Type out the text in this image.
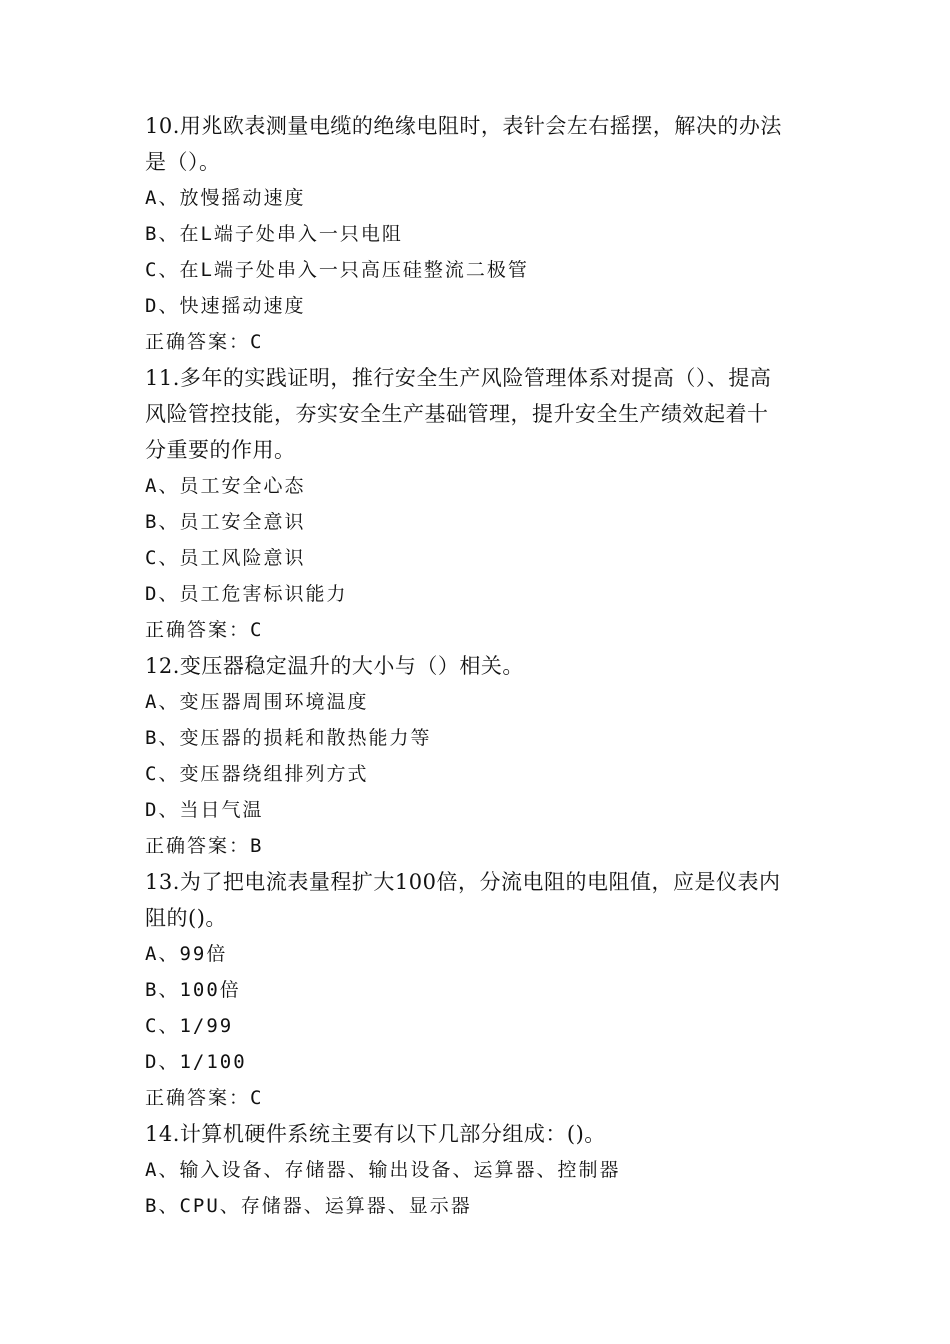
10.用兆欧表测量电缆的绝缘电阻时，表针会左右摇摆，解决的办法

是（）。

A、放慢摇动速度

B、在L端子处串入一只电阻

C、在L端子处串入一只高压硅整流二极管

D、快速摇动速度

正确答案：C

11.多年的实践证明，推行安全生产风险管理体系对提高（）、提高

风险管控技能，夯实安全生产基础管理，提升安全生产绩效起着十

分重要的作用。

A、员工安全心态

B、员工安全意识

C、员工风险意识

D、员工危害标识能力

正确答案：C

12.变压器稳定温升的大小与（）相关。

A、变压器周围环境温度

B、变压器的损耗和散热能力等

C、变压器绕组排列方式

D、当日气温

正确答案：B

13.为了把电流表量程扩大100倍，分流电阻的电阻值，应是仪表内

阻的()。

A、99倍

B、100倍

C、1/99

D、1/100

正确答案：C

14.计算机硬件系统主要有以下几部分组成：()。

A、输入设备、存储器、输出设备、运算器、控制器

B、CPU、存储器、运算器、显示器
